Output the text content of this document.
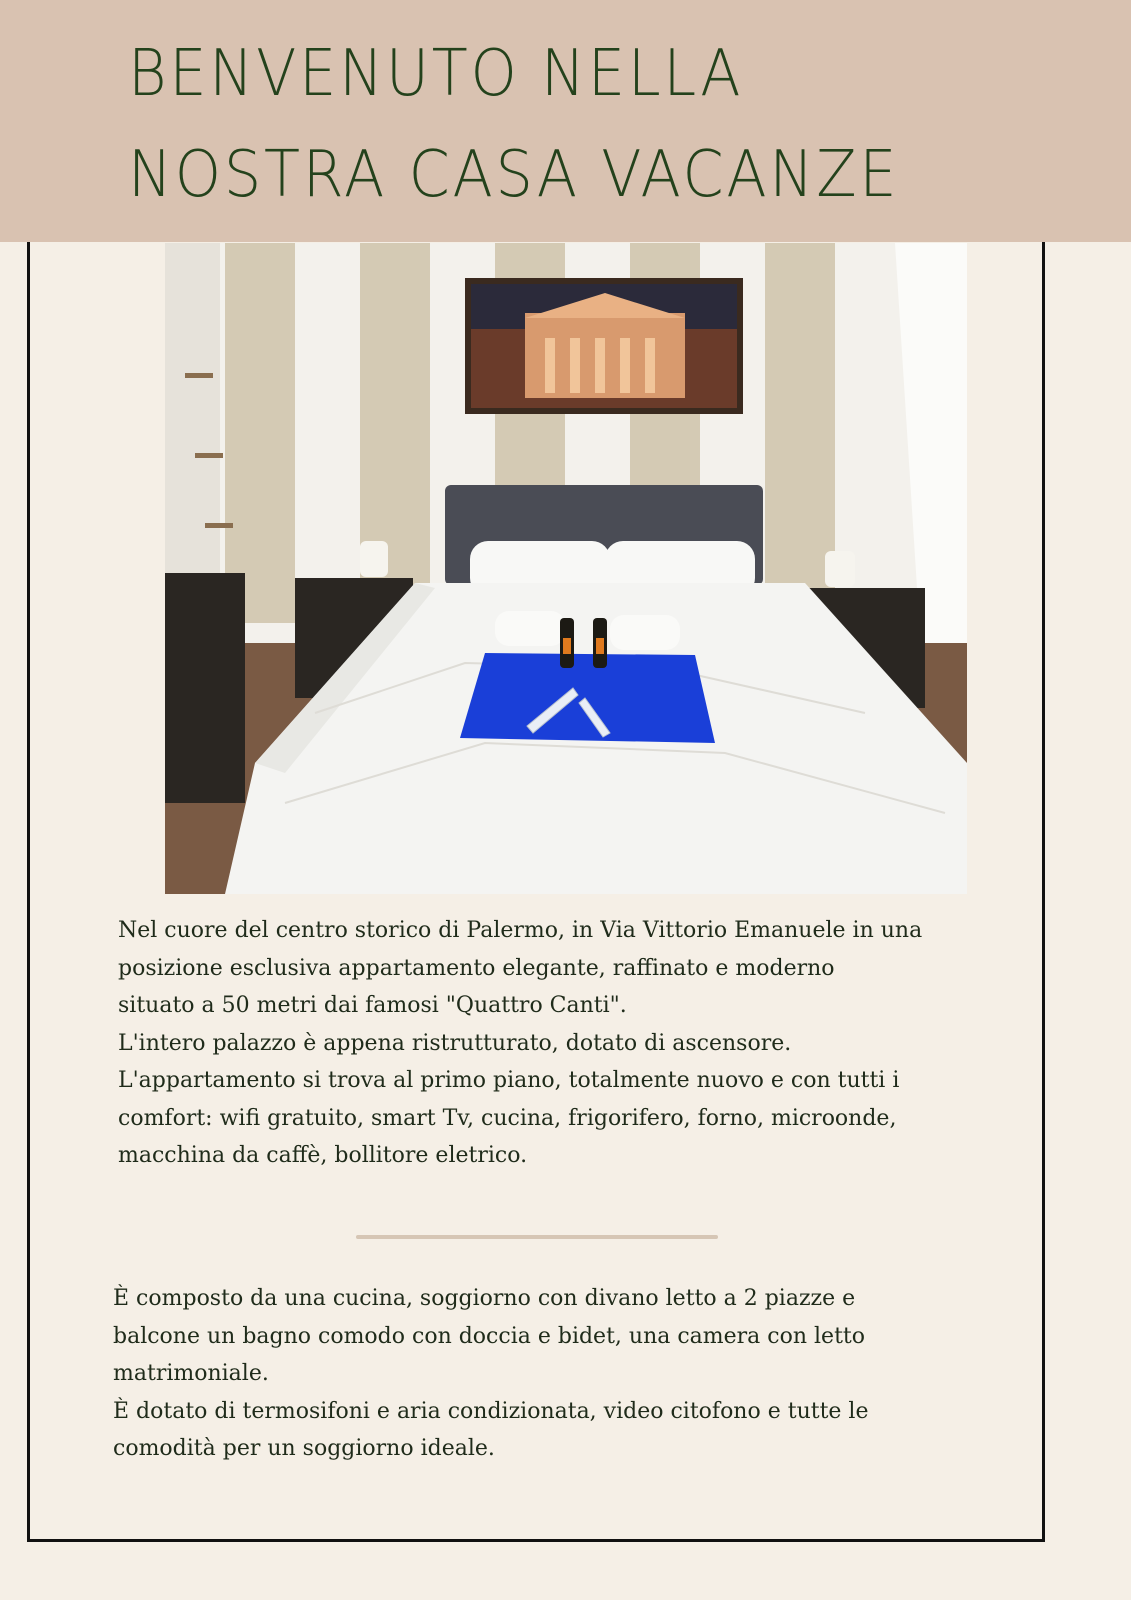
BENVENUTO NELLA
NOSTRA CASA VACANZE

Nel cuore del centro storico di Palermo, in Via Vittorio Emanuele in una

posizione esclusiva appartamento elegante, raffinato e moderno

situato a 50 metri dai famosi "Quattro Canti".

L'intero palazzo è appena ristrutturato, dotato di ascensore.

L'appartamento si trova al primo piano, totalmente nuovo e con tutti i

comfort: wifi gratuito, smart Tv, cucina, frigorifero, forno, microonde,

macchina da caffè, bollitore eletrico.

È composto da una cucina, soggiorno con divano letto a 2 piazze e

balcone un bagno comodo con doccia e bidet, una camera con letto

matrimoniale.

È dotato di termosifoni e aria condizionata, video citofono e tutte le

comodità per un soggiorno ideale.
